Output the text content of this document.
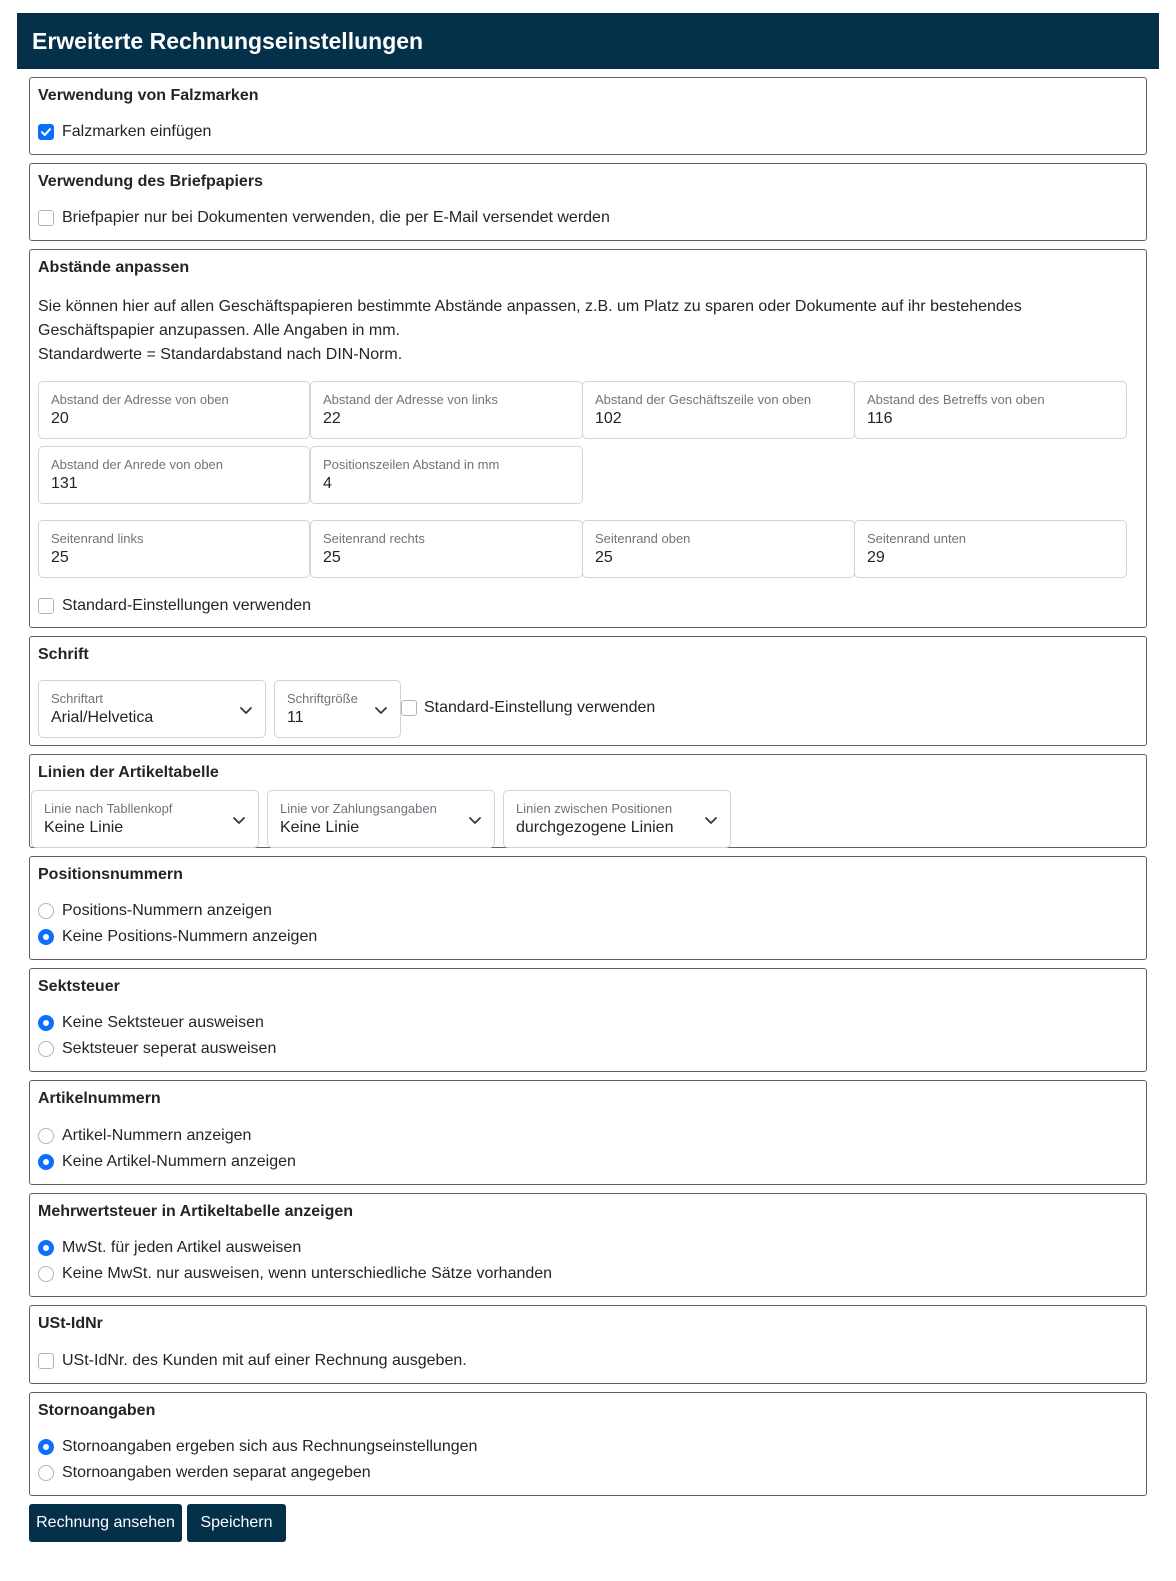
Erweiterte Rechnungseinstellungen
Verwendung von Falzmarken
Falzmarken einfügen
Verwendung des Briefpapiers
Briefpapier nur bei Dokumenten verwenden, die per E-Mail versendet werden
Abstände anpassen
Sie können hier auf allen Geschäftspapieren bestimmte Abstände anpassen, z.B. um Platz zu sparen oder Dokumente auf ihr bestehendes Geschäftspapier anzupassen. Alle Angaben in mm.
Standardwerte = Standardabstand nach DIN-Norm.
Abstand der Adresse von oben
20
Abstand der Adresse von links
22
Abstand der Geschäftszeile von oben
102
Abstand des Betreffs von oben
116
Abstand der Anrede von oben
131
Positionszeilen Abstand in mm
4
Seitenrand links
25
Seitenrand rechts
25
Seitenrand oben
25
Seitenrand unten
29
Standard-Einstellungen verwenden
Schrift
Schriftart
Arial/Helvetica
Schriftgröße
11
Standard-Einstellung verwenden
Linien der Artikeltabelle
Linie nach Tabllenkopf
Keine Linie
Linie vor Zahlungsangaben
Keine Linie
Linien zwischen Positionen
durchgezogene Linien
Positionsnummern
Positions-Nummern anzeigen
Keine Positions-Nummern anzeigen
Sektsteuer
Keine Sektsteuer ausweisen
Sektsteuer seperat ausweisen
Artikelnummern
Artikel-Nummern anzeigen
Keine Artikel-Nummern anzeigen
Mehrwertsteuer in Artikeltabelle anzeigen
MwSt. für jeden Artikel ausweisen
Keine MwSt. nur ausweisen, wenn unterschiedliche Sätze vorhanden
USt-IdNr
USt-IdNr. des Kunden mit auf einer Rechnung ausgeben.
Stornoangaben
Stornoangaben ergeben sich aus Rechnungseinstellungen
Stornoangaben werden separat angegeben
Rechnung ansehen	Speichern
